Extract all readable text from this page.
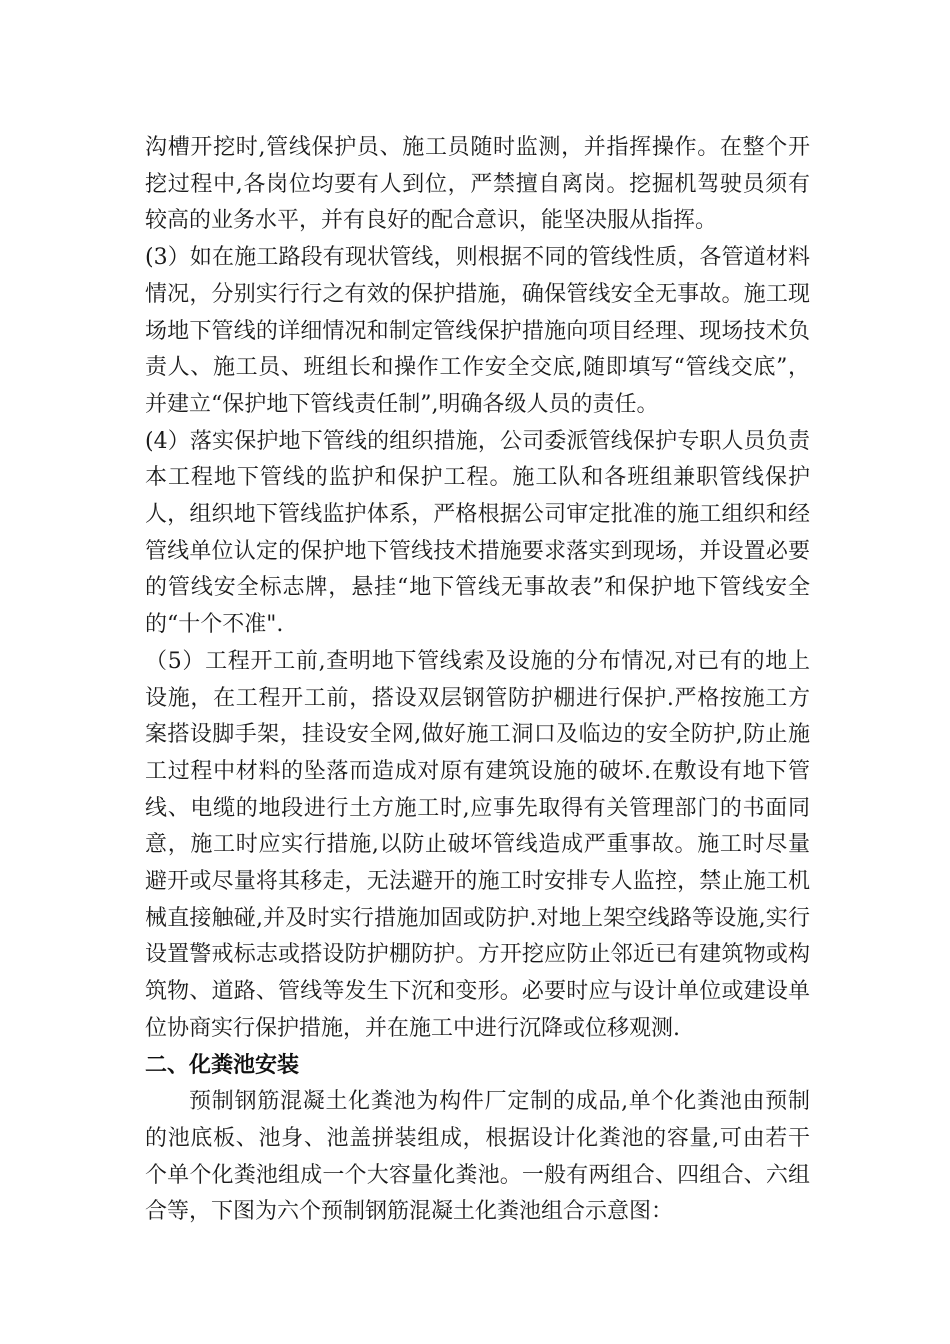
沟槽开挖时,管线保护员、施工员随时监测，并指挥操作。在整个开挖过程中,各岗位均要有人到位，严禁擅自离岗。挖掘机驾驶员须有较高的业务水平，并有良好的配合意识，能坚决服从指挥。

(3）如在施工路段有现状管线，则根据不同的管线性质，各管道材料情况，分别实行行之有效的保护措施，确保管线安全无事故。施工现场地下管线的详细情况和制定管线保护措施向项目经理、现场技术负责人、施工员、班组长和操作工作安全交底,随即填写“管线交底”，并建立“保护地下管线责任制”,明确各级人员的责任。

(4）落实保护地下管线的组织措施，公司委派管线保护专职人员负责本工程地下管线的监护和保护工程。施工队和各班组兼职管线保护人，组织地下管线监护体系，严格根据公司审定批准的施工组织和经管线单位认定的保护地下管线技术措施要求落实到现场，并设置必要的管线安全标志牌，悬挂“地下管线无事故表”和保护地下管线安全的“十个不准".

（5）工程开工前,查明地下管线索及设施的分布情况,对已有的地上设施，在工程开工前，搭设双层钢管防护棚进行保护.严格按施工方案搭设脚手架，挂设安全网,做好施工洞口及临边的安全防护,防止施工过程中材料的坠落而造成对原有建筑设施的破坏.在敷设有地下管线、电缆的地段进行土方施工时,应事先取得有关管理部门的书面同意，施工时应实行措施,以防止破坏管线造成严重事故。施工时尽量避开或尽量将其移走，无法避开的施工时安排专人监控，禁止施工机械直接触碰,并及时实行措施加固或防护.对地上架空线路等设施,实行设置警戒标志或搭设防护棚防护。方开挖应防止邻近已有建筑物或构筑物、道路、管线等发生下沉和变形。必要时应与设计单位或建设单位协商实行保护措施，并在施工中进行沉降或位移观测.

二、化粪池安装

预制钢筋混凝土化粪池为构件厂定制的成品,单个化粪池由预制的池底板、池身、池盖拼装组成，根据设计化粪池的容量,可由若干个单个化粪池组成一个大容量化粪池。一般有两组合、四组合、六组合等，下图为六个预制钢筋混凝土化粪池组合示意图：
